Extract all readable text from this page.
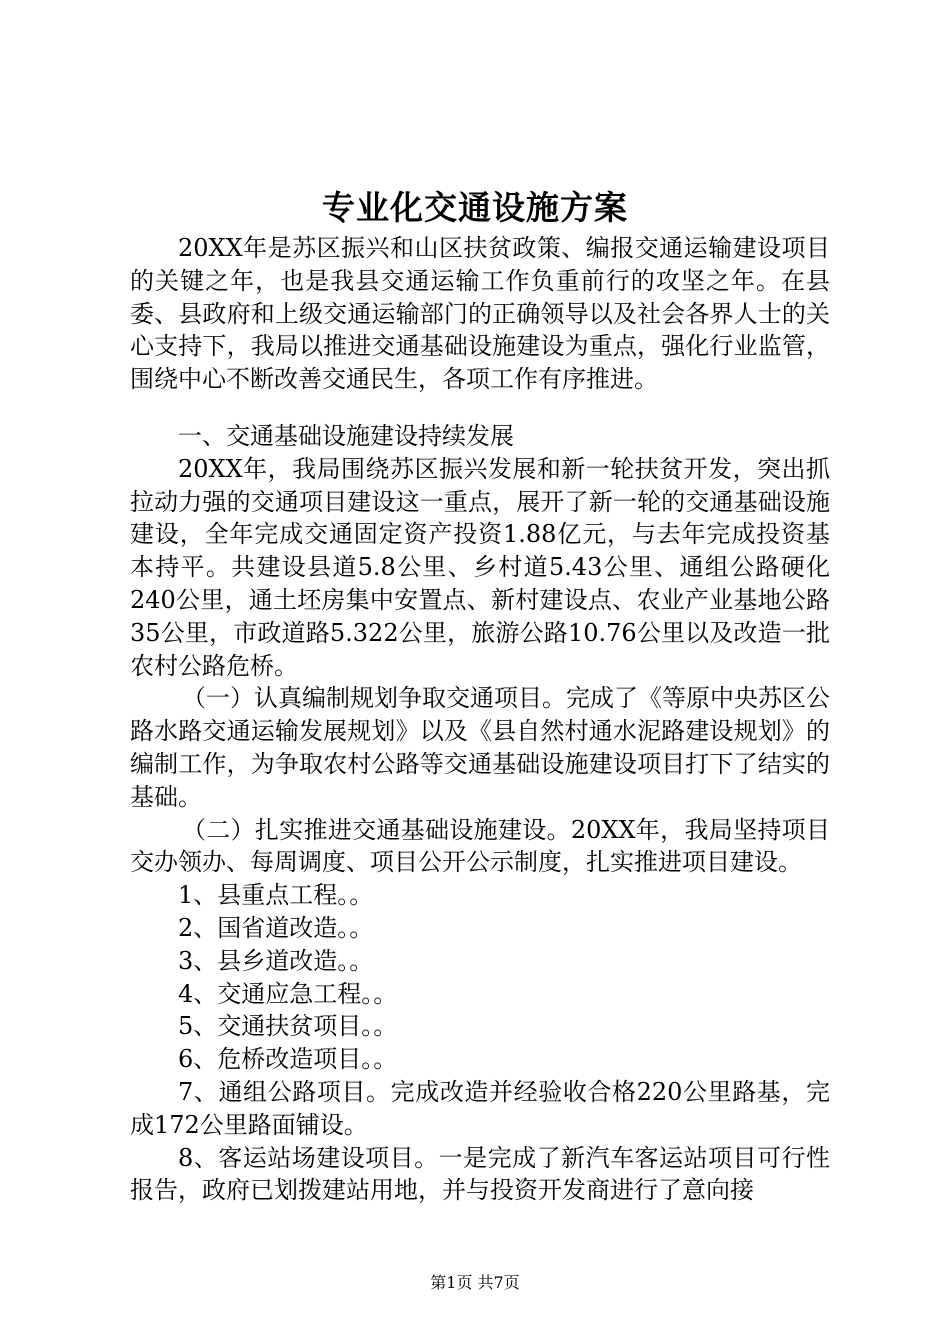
专业化交通设施方案

20XX年是苏区振兴和山区扶贫政策、编报交通运输建设项目的关键之年，也是我县交通运输工作负重前行的攻坚之年。在县委、县政府和上级交通运输部门的正确领导以及社会各界人士的关心支持下，我局以推进交通基础设施建设为重点，强化行业监管，围绕中心不断改善交通民生，各项工作有序推进。

一、交通基础设施建设持续发展

20XX年，我局围绕苏区振兴发展和新一轮扶贫开发，突出抓拉动力强的交通项目建设这一重点，展开了新一轮的交通基础设施建设，全年完成交通固定资产投资1.88亿元，与去年完成投资基本持平。共建设县道5.8公里、乡村道5.43公里、通组公路硬化240公里，通土坯房集中安置点、新村建设点、农业产业基地公路35公里，市政道路5.322公里，旅游公路10.76公里以及改造一批农村公路危桥。

（一）认真编制规划争取交通项目。完成了《等原中央苏区公路水路交通运输发展规划》以及《县自然村通水泥路建设规划》的编制工作，为争取农村公路等交通基础设施建设项目打下了结实的基础。

（二）扎实推进交通基础设施建设。20XX年，我局坚持项目交办领办、每周调度、项目公开公示制度，扎实推进项目建设。

1、县重点工程。。

2、国省道改造。。

3、县乡道改造。。

4、交通应急工程。。

5、交通扶贫项目。。

6、危桥改造项目。。

7、通组公路项目。完成改造并经验收合格220公里路基，完成172公里路面铺设。

8、客运站场建设项目。一是完成了新汽车客运站项目可行性报告，政府已划拨建站用地，并与投资开发商进行了意向接

第1页 共7页
